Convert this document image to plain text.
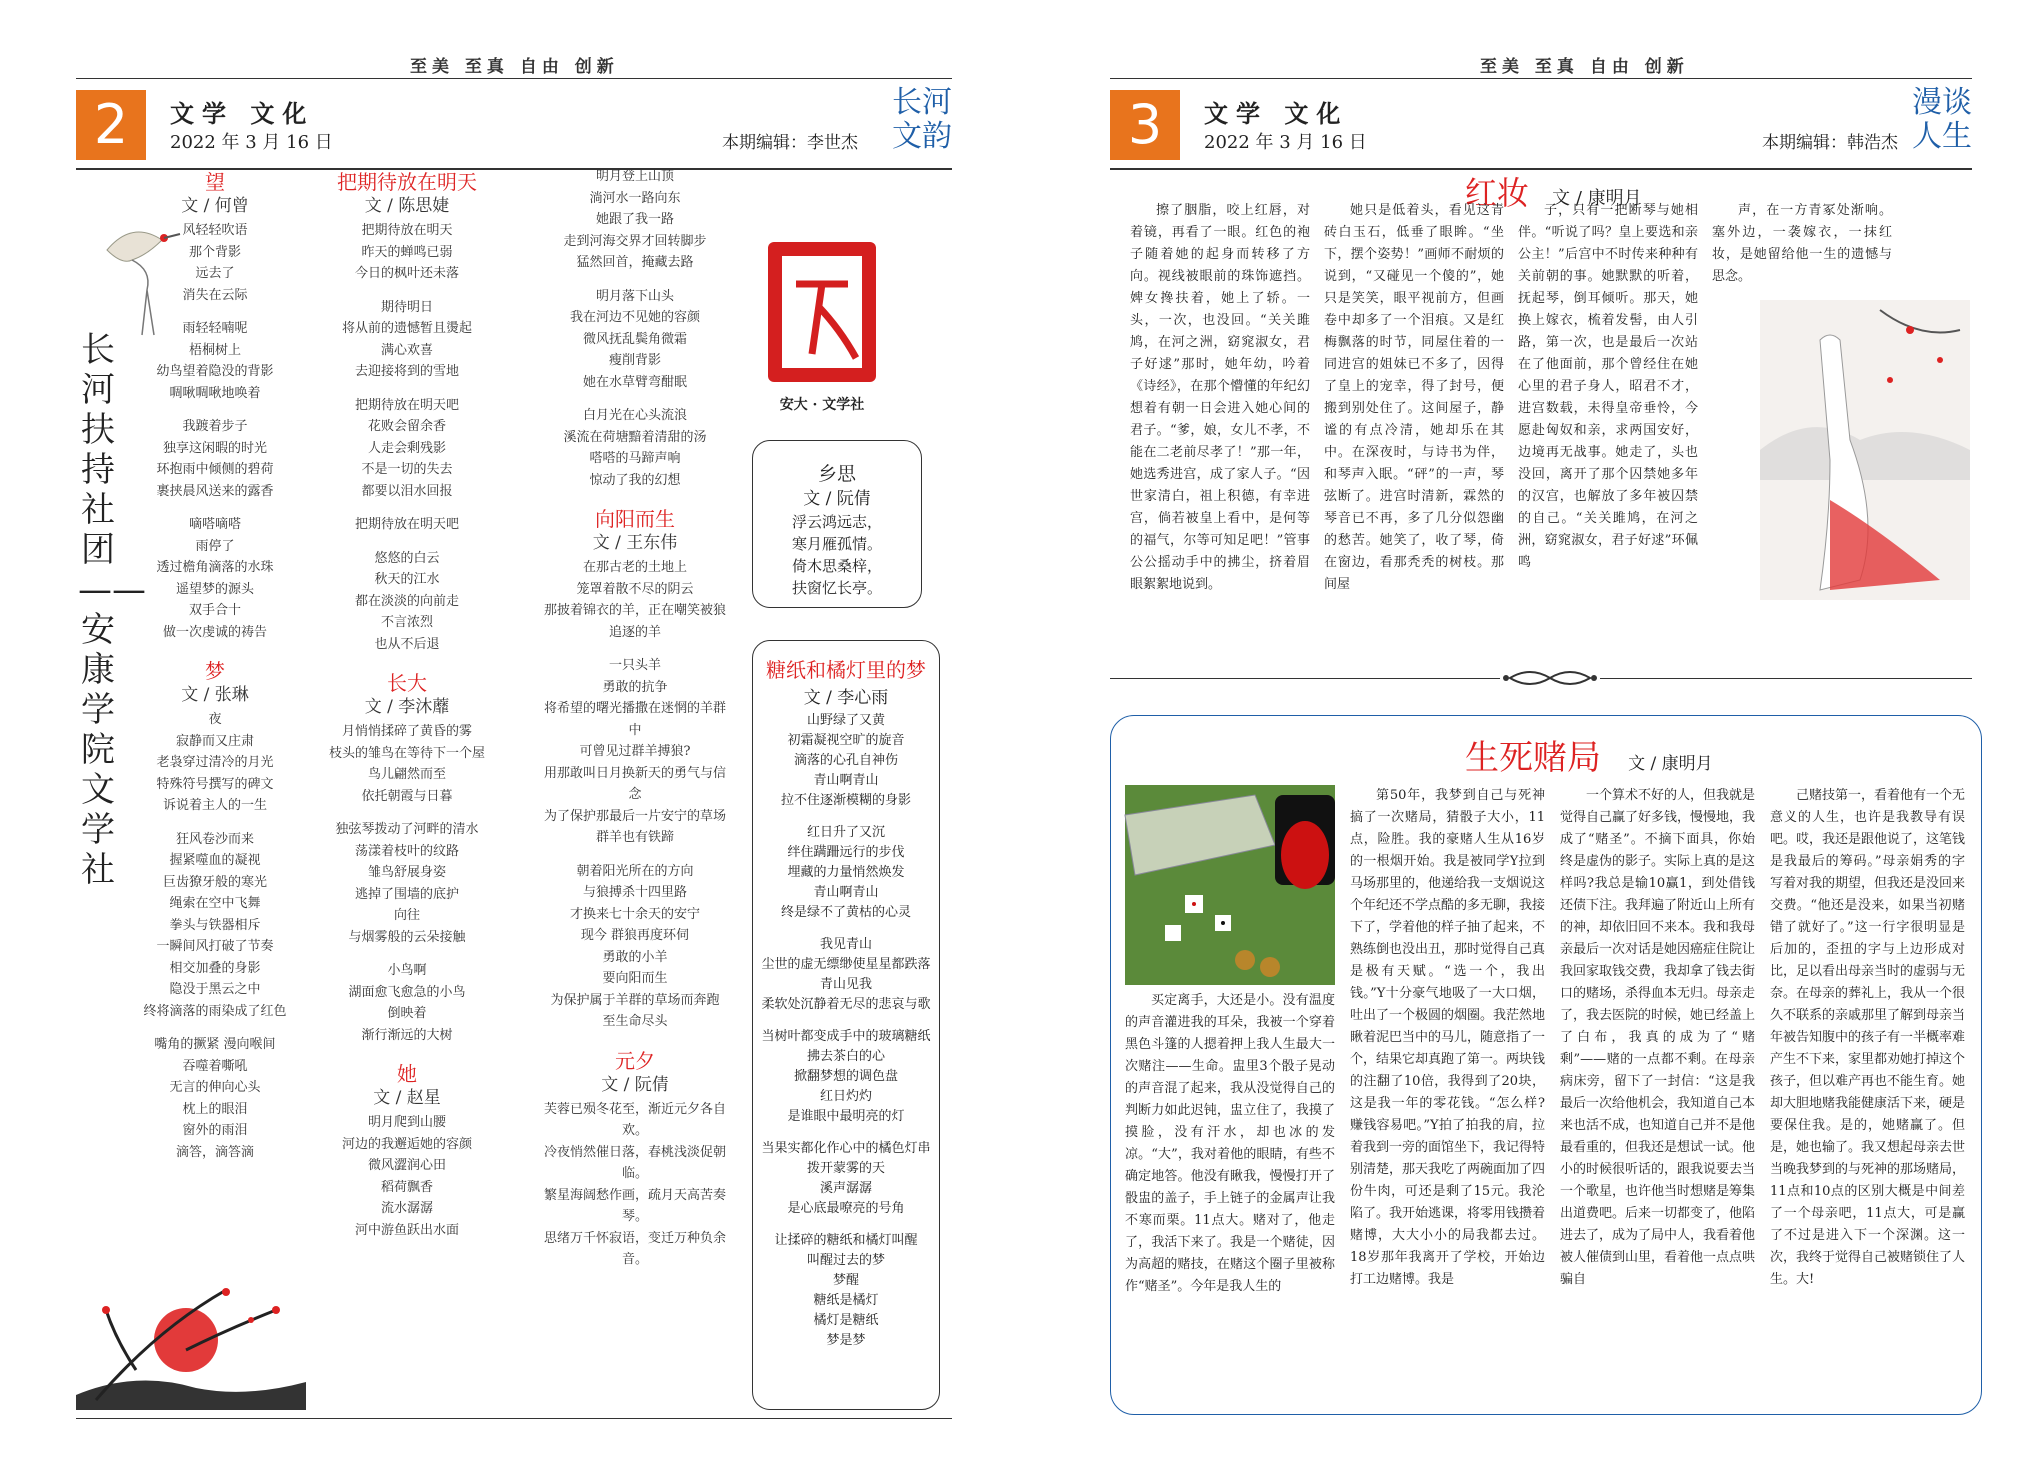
至美 至真 自由 创新
2	文学 文化
2022 年 3 月 16 日	本期编辑：李世杰
长河
文韵
长河扶持社团——安康学院文学社
望
文 / 何曾
风轻轻吹语
那个背影
远去了
消失在云际
雨轻轻喃呢
梧桐树上
幼鸟望着隐没的背影
啁啾啁啾地唤着
我踱着步子
独享这闲暇的时光
环抱雨中倾侧的碧荷
裹挟晨风送来的露香
嘀嗒嘀嗒
雨停了
透过檐角滴落的水珠
遥望梦的源头
双手合十
做一次虔诚的祷告
梦
文 / 张琳
夜
寂静而又庄肃
老袅穿过清冷的月光
特殊符号撰写的碑文
诉说着主人的一生
狂风卷沙而来
握紧噬血的凝视
巨齿獠牙般的寒光
绳索在空中飞舞
拳头与铁器相斥
一瞬间风打破了节奏
相交加叠的身影
隐没于黑云之中
终将滴落的雨染成了红色
嘴角的撅紧 漫向喉间
吞噬着嘶吼
无言的伸向心头
枕上的眼泪
窗外的雨泪
滴答，滴答滴
把期待放在明天
文 / 陈思婕
把期待放在明天
昨天的蝉鸣已弱
今日的枫叶还未落
期待明日
将从前的遗憾暂且燙起
满心欢喜
去迎接将到的雪地
把期待放在明天吧
花败会留余香
人走会剩残影
不是一切的失去
都要以泪水回报
把期待放在明天吧
悠悠的白云
秋天的江水
都在淡淡的向前走
不言浓烈
也从不后退
长大
文 / 李沐蘼
月悄悄揉碎了黄昏的雾
枝头的雏鸟在等待下一个屋
鸟儿翩然而至
依托朝霞与日暮
独弦琴拨动了河畔的清水
荡漾着枝叶的纹路
雏鸟舒展身姿
逃掉了围墙的底护
向往
与烟雾般的云朵接触
小鸟啊
湖面愈飞愈急的小鸟
倒映着
渐行渐远的大树
她
文 / 赵星
明月爬到山腰
河边的我邂逅她的容颜
微风澀润心田
稻荷飘香
流水潺潺
河中游鱼跃出水面
明月登上山顶
淌河水一路向东
她跟了我一路
走到河海交界才回转脚步
猛然回首，掩藏去路
明月落下山头
我在河边不见她的容颜
微风抚乱鬓角微霜
瘦削背影
她在水草臂弯酣眠
白月光在心头流浪
溪流在荷塘黯着清甜的汤
嗒嗒的马蹄声响
惊动了我的幻想
向阳而生
文 / 王东伟
在那古老的土地上
笼罩着散不尽的阴云
那披着锦衣的羊，正在嘲笑被狼追逐的羊
一只头羊
勇敢的抗争
将希望的曙光播撒在迷惘的羊群中
可曾见过群羊搏狼?
用那敢叫日月换新天的勇气与信念
为了保护那最后一片安宁的草场
群羊也有铁蹄
朝着阳光所在的方向
与狼搏杀十四里路
才换来七十余天的安宁
现今 群狼再度环伺
勇敢的小羊
要向阳而生
为保护属于羊群的草场而奔跑
至生命尽头
元夕
文 / 阮倩
芙蓉已殒冬花至，渐近元夕各自欢。
冷夜悄然催日落，春桃浅淡促朝临。
繁星海阔愁作画，疏月天高苦奏琴。
思绪万千怀寂语，变迁万种负余音。
安大 · 文学社
乡思
文 / 阮倩
浮云鸿远志，
寒月雁孤情。
倚木思桑梓，
扶窗忆长亭。
糖纸和橘灯里的梦
文 / 李心雨
山野绿了又黄
初霜凝视空旷的旋音
滴落的心孔自神伤
青山啊青山
拉不住逐渐模糊的身影
红日升了又沉
绊住蹒跚远行的步伐
埋藏的力量悄然焕发
青山啊青山
终是绿不了黄枯的心灵
我见青山
尘世的虚无缥缈使星星都跌落
青山见我
柔软处沉静着无尽的悲哀与歌
当树叶都变成手中的玻璃糖纸
拂去茶白的心
掀翻梦想的调色盘
红日灼灼
是谁眼中最明亮的灯
当果实都化作心中的橘色灯串
拨开蒙雾的天
溪声潺潺
是心底最嘹亮的号角
让揉碎的糖纸和橘灯叫醒
叫醒过去的梦
梦醒
糖纸是橘灯
橘灯是糖纸
梦是梦
至美 至真 自由 创新
3	文学 文化
2022 年 3 月 16 日	本期编辑：韩浩杰
漫谈
人生
红妆 文 / 康明月

擦了胭脂，咬上红唇，对着镜，再看了一眼。红色的袍子随着她的起身而转移了方向。视线被眼前的珠饰遮挡。婢女搀扶着，她上了轿。一头，一次，也没回。“关关雎鸠，在河之洲，窈窕淑女，君子好逑”那时，她年幼，吟着《诗经》，在那个懵懂的年纪幻想着有朝一日会进入她心间的君子。“爹，娘，女儿不孝，不能在二老前尽孝了！”那一年，她选秀进宫，成了家人子。“因世家清白，祖上积德，有幸进宫，倘若被皇上看中，是何等的福气，尔等可知足吧！”管事公公摇动手中的拂尘，挤着眉眼絮絮地说到。

她只是低着头，看见这青砖白玉石，低垂了眼眸。“坐下，摆个姿势！”画师不耐烦的说到，“又碰见一个傻的”，她只是笑笑，眼平视前方，但画卷中却多了一个泪痕。又是红梅飘落的时节，同屋住着的一同进宫的姐妹已不多了，因得了皇上的宠幸，得了封号，便搬到别处住了。这间屋子，静谧的有点冷清，她却乐在其中。在深夜时，与诗书为伴，和琴声入眠。“砰”的一声，琴弦断了。进宫时清新，霖然的琴音已不再，多了几分似怨幽的愁苦。她笑了，收了琴，倚在窗边，看那秃秃的树枝。那间屋

子，只有一把断琴与她相伴。“听说了吗？皇上要选和亲公主！”后宫中不时传来种种有关前朝的事。她默默的听着，抚起琴，倒耳倾听。那天，她换上嫁衣，梳着发髻，由人引路，第一次，也是最后一次站在了他面前，那个曾经住在她心里的君子身人，昭君不才，进宫数载，未得皇帝垂怜，今愿赴匈奴和亲，求两国安好，边境再无战事。她走了，头也没回，离开了那个囚禁她多年的汉宫，也解放了多年被囚禁的自己。“关关雎鸠，在河之洲，窈窕淑女，君子好逑”环佩鸣

声，在一方青冢处渐响。塞外边，一袭嫁衣，一抹红妆，是她留给他一生的遗憾与思念。

生死赌局 文 / 康明月

买定离手，大还是小。没有温度的声音灌进我的耳朵，我被一个穿着黑色斗篷的人摁着押上我人生最大一次赌注——生命。盅里3个骰子晃动的声音混了起来，我从没觉得自己的判断力如此迟钝，盅立住了，我摸了摸脸，没有汗水，却也冰的发凉。“大”，我对着他的眼睛，有些不确定地答。他没有瞅我，慢慢打开了骰盅的盖子，手上链子的金属声让我不寒而栗。11点大。赌对了，他走了，我活下来了。我是一个赌徒，因为高超的赌技，在赌这个圈子里被称作“赌圣”。今年是我人生的

第50年，我梦到自己与死神搞了一次赌局，猜骰子大小，11点，险胜。我的豪赌人生从16岁的一根烟开始。我是被同学Y拉到马场那里的，他递给我一支烟说这个年纪还不学点酷的多无聊，我接下了，学着他的样子抽了起来，不熟练倒也没出丑，那时觉得自己真是极有天赋。“选一个，我出钱。”Y十分豪气地吸了一大口烟，吐出了一个极圆的烟圈。我茫然地瞅着泥巴当中的马儿，随意指了一个，结果它却真跑了第一。两块钱的注翻了10倍，我得到了20块，这是我一年的零花钱。“怎么样?赚钱容易吧。”Y拍了拍我的肩，拉着我到一旁的面馆坐下，我记得特别清楚，那天我吃了两碗面加了四份牛肉，可还是剩了15元。我沦陷了。我开始逃课，将零用钱攒着赌博，大大小小的局我都去过。18岁那年我离开了学校，开始边打工边赌博。我是

一个算术不好的人，但我就是觉得自己赢了好多钱，慢慢地，我成了“赌圣”。不摘下面具，你始终是虚伪的影子。实际上真的是这样吗?我总是输10赢1，到处借钱还债下注。我拜遍了附近山上所有的神，却依旧回不来本。我和我母亲最后一次对话是她因癌症住院让我回家取钱交费，我却拿了钱去街口的赌场，杀得血本无归。母亲走了，我去医院的时候，她已经盖上了白布，我真的成为了“赌剩”——赌的一点都不剩。在母亲病床旁，留下了一封信：“这是我最后一次给他机会，我知道自己本来也活不成，也知道自己并不是他最看重的，但我还是想试一试。他小的时候很听话的，跟我说要去当一个歌星，也许他当时想赌是筹集出道费吧。后来一切都变了，他陷进去了，成为了局中人，我看着他被人催债到山里，看着他一点点哄骗自

己赌技第一，看着他有一个无意义的人生，也许是我教导有误吧。哎，我还是跟他说了，这笔钱是我最后的筹码。”母亲娟秀的字写着对我的期望，但我还是没回来交费。“他还是没来，如果当初赌错了就好了。”这一行字很明显是后加的，歪扭的字与上边形成对比，足以看出母亲当时的虚弱与无奈。在母亲的葬礼上，我从一个很久不联系的亲戚那里了解到母亲当年被告知腹中的孩子有一半概率难产生不下来，家里都劝她打掉这个孩子，但以难产再也不能生育。她却大胆地赌我能健康活下来，硬是要保住我。是的，她赌赢了。但是，她也输了。我又想起母亲去世当晚我梦到的与死神的那场赌局，11点和10点的区别大概是中间差了一个母亲吧，11点大，可是赢了不过是进入下一个深渊。这一次，我终于觉得自己被赌锁住了人生。大!
